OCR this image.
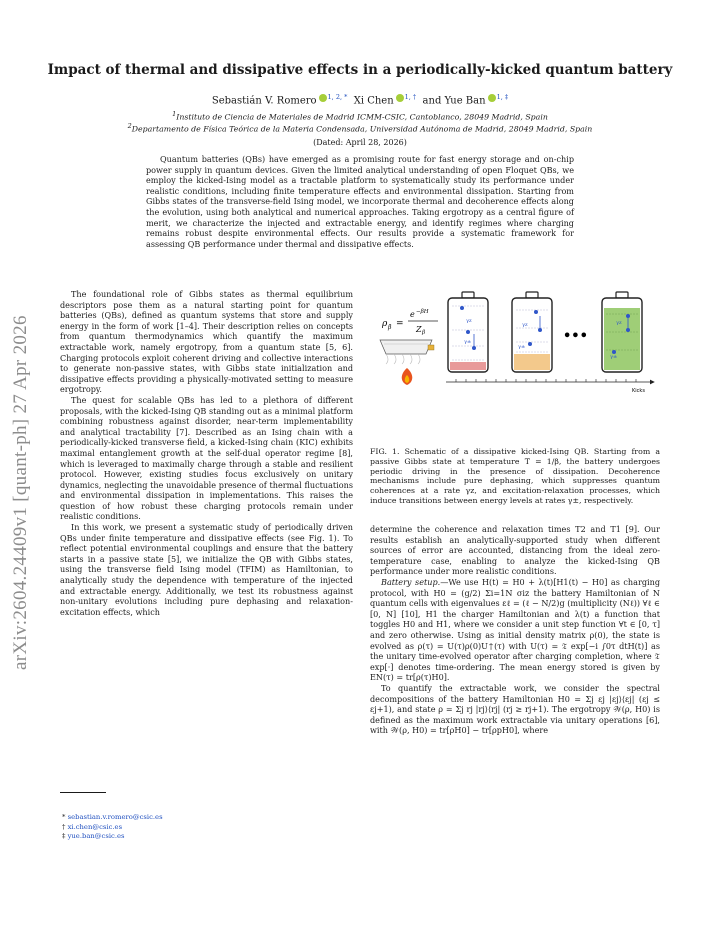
Impact of thermal and dissipative effects in a periodically-kicked quantum battery
Sebastián V. Romero $^{1, 2, *}$ Xi Chen $^{1, \dagger}$  and Yue Ban $^{1, \ddagger}$
$^1$Instituto de Ciencia de Materiales de Madrid ICMM-CSIC, Cantoblanco, 28049 Madrid, Spain
$^2$Departamento de Física Teórica de la Materia Condensada, Universidad Autónoma de Madrid, 28049 Madrid, Spain
(Dated: April 28, 2026)
Quantum batteries (QBs) have emerged as a promising route for fast energy storage and on-chip power supply in quantum devices. Given the limited analytical understanding of open Floquet QBs, we employ the kicked-Ising model as a tractable platform to systematically study its performance under realistic conditions, including finite temperature effects and environmental dissipation. Starting from Gibbs states of the transverse-field Ising model, we incorporate thermal and decoherence effects along the evolution, using both analytical and numerical approaches. Taking ergotropy as a central figure of merit, we characterize the injected and extractable energy, and identify regimes where charging remains robust despite environmental effects. Our results provide a systematic framework for assessing QB performance under thermal and dissipative effects.
arXiv:2604.24409v1 [quant-ph] 27 Apr 2026

The foundational role of Gibbs states as thermal equilibrium descriptors pose them as a natural starting point for quantum batteries (QBs), defined as quantum systems that store and supply energy in the form of work [1–4]. Their description relies on concepts from quantum thermodynamics which quantify the maximum extractable work, namely ergotropy, from a quantum state [5, 6]. Charging protocols exploit coherent driving and collective interactions to generate non-passive states, with Gibbs state initialization and dissipative effects providing a physically-motivated setting to measure ergotropy.

The quest for scalable QBs has led to a plethora of different proposals, with the kicked-Ising QB standing out as a minimal platform combining robustness against disorder, near-term implementability and analytical tractability [7]. Described as an Ising chain with a periodically-kicked transverse field, a kicked-Ising chain (KIC) exhibits maximal entanglement growth at the self-dual operator regime [8], which is leveraged to maximally charge through a stable and resilient protocol. However, existing studies focus exclusively on unitary dynamics, neglecting the unavoidable presence of thermal fluctuations and environmental dissipation in implementations. This raises the question of how robust these charging protocols remain under realistic conditions.

In this work, we present a systematic study of periodically driven QBs under finite temperature and dissipative effects (see Fig. 1). To reflect potential environmental couplings and ensure that the battery starts in a passive state [5], we initialize the QB with Gibbs states, using the transverse field Ising model (TFIM) as Hamiltonian, to analytically study the dependence with temperature of the injected and extractable energy. Additionally, we test its robustness against non-unitary evolutions including pure dephasing and relaxation-excitation effects, which

* sebastian.v.romero@csic.es
† xi.chen@csic.es
‡ yue.ban@csic.es
ρ β =
e −βH
Z β
γz
γ±
γz
γ±
•••
γz
γ±
Kicks
FIG. 1. Schematic of a dissipative kicked-Ising QB. Starting from a passive Gibbs state at temperature T = 1/β, the battery undergoes periodic driving in the presence of dissipation. Decoherence mechanisms include pure dephasing, which suppresses quantum coherences at a rate γz, and excitation-relaxation processes, which induce transitions between energy levels at rates γ±, respectively.

determine the coherence and relaxation times T2 and T1 [9]. Our results establish an analytically-supported study when different sources of error are accounted, distancing from the ideal zero-temperature case, enabling to analyze the kicked-Ising QB performance under more realistic conditions.

Battery setup.—We use H(t) = H0 + λ(t)[H1(t) − H0] as charging protocol, with H0 = (g/2) Σi=1N σiz the battery Hamiltonian of N quantum cells with eigenvalues εℓ = (ℓ − N/2)g (multiplicity (Nℓ)) ∀ℓ ∈ [0, N] [10], H1 the charger Hamiltonian and λ(t) a function that toggles H0 and H1, where we consider a unit step function ∀t ∈ [0, τ] and zero otherwise. Using as initial density matrix ρ(0), the state is evolved as ρ(τ) = U(τ)ρ(0)U†(τ) with U(τ) = 𝔗 exp[−i ∫0τ dtH(t)] as the unitary time-evolved operator after charging completion, where 𝔗 exp[·] denotes time-ordering. The mean energy stored is given by EN(τ) = tr[ρ(τ)H0].

To quantify the extractable work, we consider the spectral decompositions of the battery Hamiltonian H0 = Σj εj |εj⟩⟨εj| (εj ≤ εj+1), and state ρ = Σj rj |rj⟩⟨rj| (rj ≥ rj+1). The ergotropy 𝒲(ρ, H0) is defined as the maximum work extractable via unitary operations [6], with 𝒲(ρ, H0) = tr[ρH0] − tr[ρpH0], where
